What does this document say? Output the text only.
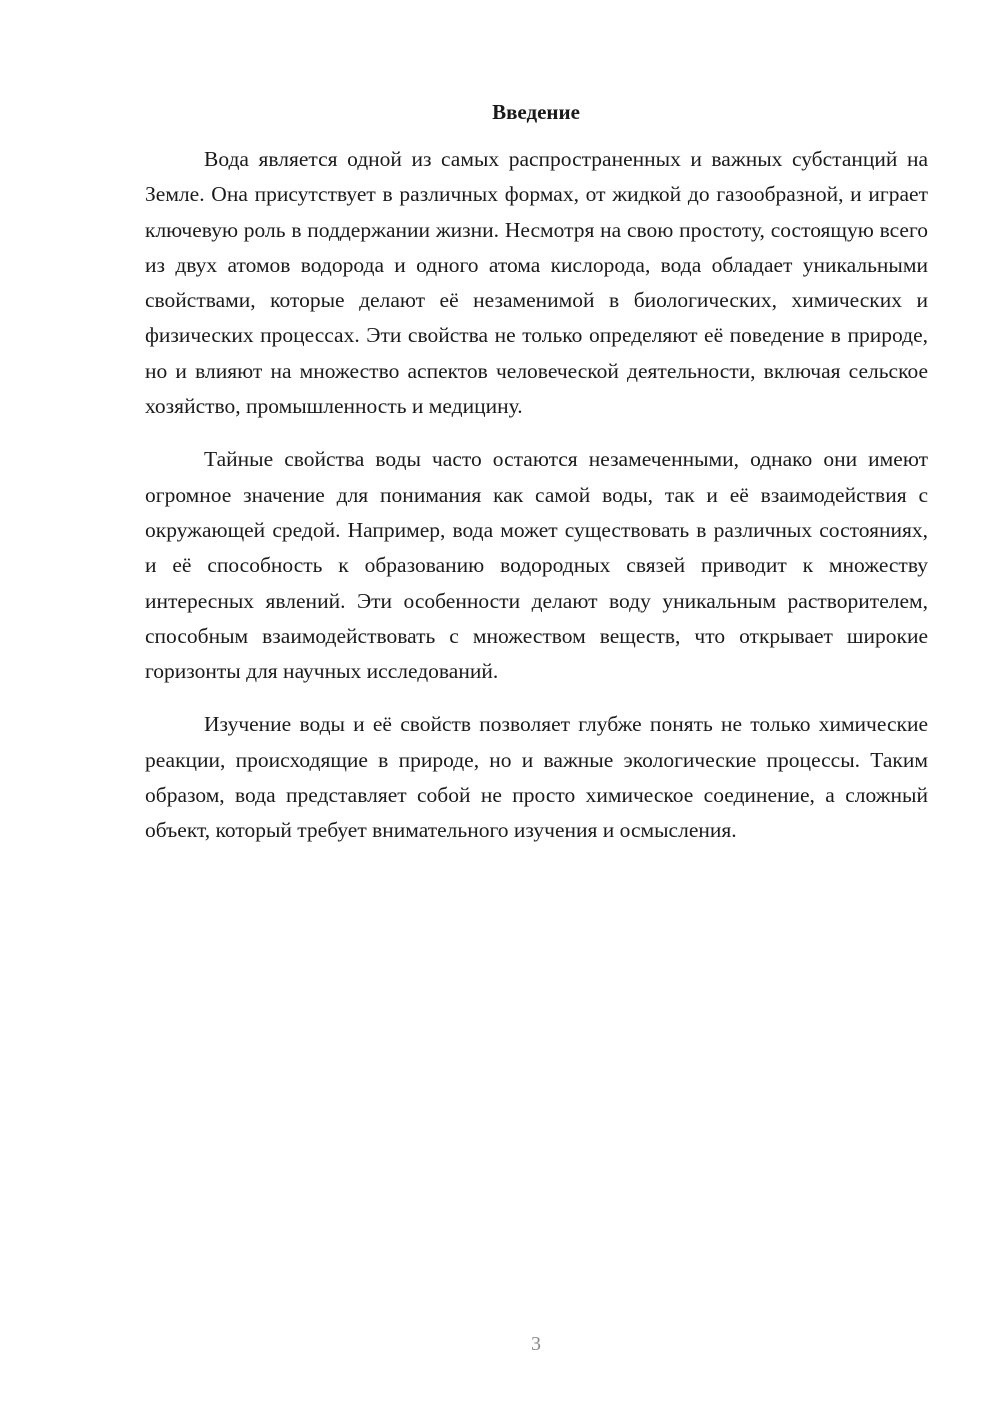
Введение

Вода является одной из самых распространенных и важных субстанций на Земле. Она присутствует в различных формах, от жидкой до газообразной, и играет ключевую роль в поддержании жизни. Несмотря на свою простоту, состоящую всего из двух атомов водорода и одного атома кислорода, вода обладает уникальными свойствами, которые делают её незаменимой в биологических, химических и физических процессах. Эти свойства не только определяют её поведение в природе, но и влияют на множество аспектов человеческой деятельности, включая сельское хозяйство, промышленность и медицину.

Тайные свойства воды часто остаются незамеченными, однако они имеют огромное значение для понимания как самой воды, так и её взаимодействия с окружающей средой. Например, вода может существовать в различных состояниях, и её способность к образованию водородных связей приводит к множеству интересных явлений. Эти особенности делают воду уникальным растворителем, способным взаимодействовать с множеством веществ, что открывает широкие горизонты для научных исследований.

Изучение воды и её свойств позволяет глубже понять не только химические реакции, происходящие в природе, но и важные экологические процессы. Таким образом, вода представляет собой не просто химическое соединение, а сложный объект, который требует внимательного изучения и осмысления.

3
